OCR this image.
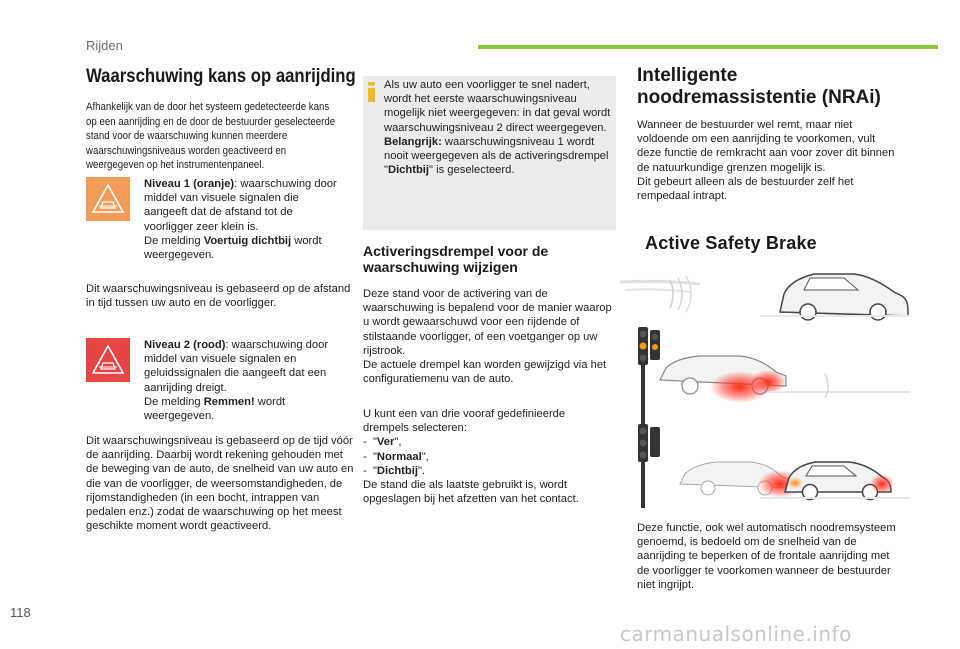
Rijden
Waarschuwing kans op aanrijding
Afhankelijk van de door het systeem gedetecteerde kans op een aanrijding en de door de bestuurder geselecteerde stand voor de waarschuwing kunnen meerdere waarschuwingsniveaus worden geactiveerd en weergegeven op het instrumentenpaneel.
Niveau 1 (oranje): waarschuwing door middel van visuele signalen die aangeeft dat de afstand tot de voorligger zeer klein is.
De melding Voertuig dichtbij wordt weergegeven.
Dit waarschuwingsniveau is gebaseerd op de afstand in tijd tussen uw auto en de voorligger.
Niveau 2 (rood): waarschuwing door middel van visuele signalen en geluidssignalen die aangeeft dat een aanrijding dreigt.
De melding Remmen! wordt weergegeven.
Dit waarschuwingsniveau is gebaseerd op de tijd vóór de aanrijding. Daarbij wordt rekening gehouden met de beweging van de auto, de snelheid van uw auto en die van de voorligger, de weersomstandigheden, de rijomstandigheden (in een bocht, intrappen van pedalen enz.) zodat de waarschuwing op het meest geschikte moment wordt geactiveerd.
Als uw auto een voorligger te snel nadert, wordt het eerste waarschuwingsniveau mogelijk niet weergegeven: in dat geval wordt waarschuwingsniveau 2 direct weergegeven.
Belangrijk: waarschuwingsniveau 1 wordt nooit weergegeven als de activeringsdrempel "Dichtbij" is geselecteerd.
Activeringsdrempel voor de waarschuwing wijzigen
Deze stand voor de activering van de waarschuwing is bepalend voor de manier waarop u wordt gewaarschuwd voor een rijdende of stilstaande voorligger, of een voetganger op uw rijstrook.
De actuele drempel kan worden gewijzigd via het configuratiemenu van de auto.
U kunt een van drie vooraf gedefinieerde drempels selecteren:
-  "Ver",
-  "Normaal",
-  "Dichtbij".
De stand die als laatste gebruikt is, wordt opgeslagen bij het afzetten van het contact.
Intelligente noodremassistentie (NRAi)
Wanneer de bestuurder wel remt, maar niet voldoende om een aanrijding te voorkomen, vult deze functie de remkracht aan voor zover dit binnen de natuurkundige grenzen mogelijk is.
Dit gebeurt alleen als de bestuurder zelf het rempedaal intrapt.
Active Safety Brake
Deze functie, ook wel automatisch noodremsysteem genoemd, is bedoeld om de snelheid van de aanrijding te beperken of de frontale aanrijding met de voorligger te voorkomen wanneer de bestuurder niet ingrijpt.
118
carmanualsonline.info
